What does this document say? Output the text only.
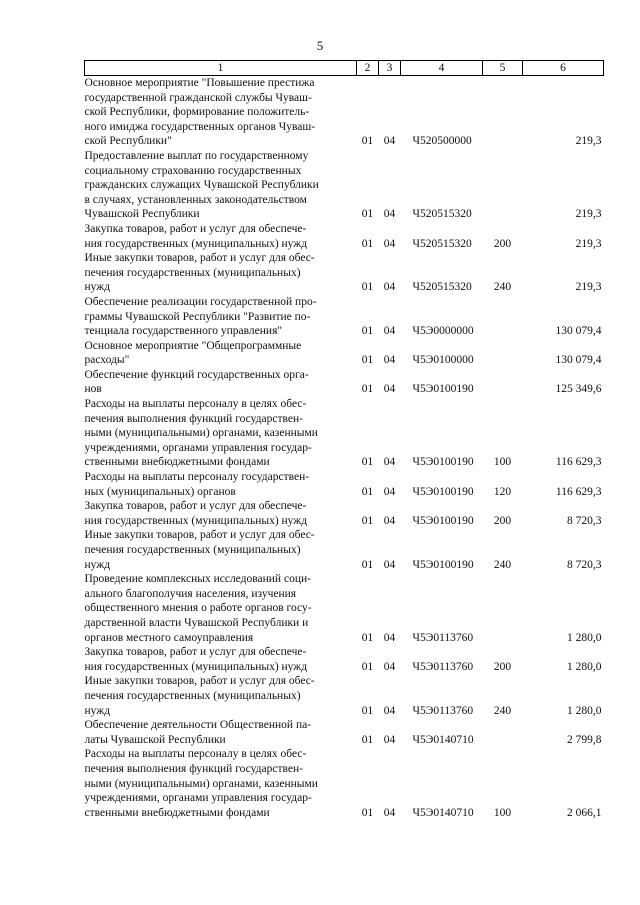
5
1	2	3	4	5	6

Основное мероприятие "Повышение престижа
государственной гражданской службы Чуваш-
ской Республики, формирование положитель-
ного имиджа государственных органов Чуваш-
ской Республики"	01	04	Ч520500000		219,3

Предоставление выплат по государственному
социальному страхованию государственных
гражданских служащих Чувашской Республики
в случаях, установленных законодательством
Чувашской Республики	01	04	Ч520515320		219,3

Закупка товаров, работ и услуг для обеспече-
ния государственных (муниципальных) нужд	01	04	Ч520515320	200	219,3

Иные закупки товаров, работ и услуг для обес-
печения государственных (муниципальных)
нужд	01	04	Ч520515320	240	219,3

Обеспечение реализации государственной про-
граммы Чувашской Республики "Развитие по-
тенциала государственного управления"	01	04	Ч5Э0000000		130 079,4

Основное мероприятие "Общепрограммные
расходы"	01	04	Ч5Э0100000		130 079,4

Обеспечение функций государственных орга-
нов	01	04	Ч5Э0100190		125 349,6

Расходы на выплаты персоналу в целях обес-
печения выполнения функций государствен-
ными (муниципальными) органами, казенными
учреждениями, органами управления государ-
ственными внебюджетными фондами	01	04	Ч5Э0100190	100	116 629,3

Расходы на выплаты персоналу государствен-
ных (муниципальных) органов	01	04	Ч5Э0100190	120	116 629,3

Закупка товаров, работ и услуг для обеспече-
ния государственных (муниципальных) нужд	01	04	Ч5Э0100190	200	8 720,3

Иные закупки товаров, работ и услуг для обес-
печения государственных (муниципальных)
нужд	01	04	Ч5Э0100190	240	8 720,3

Проведение комплексных исследований соци-
ального благополучия населения, изучения
общественного мнения о работе органов госу-
дарственной власти Чувашской Республики и
органов местного самоуправления	01	04	Ч5Э0113760		1 280,0

Закупка товаров, работ и услуг для обеспече-
ния государственных (муниципальных) нужд	01	04	Ч5Э0113760	200	1 280,0

Иные закупки товаров, работ и услуг для обес-
печения государственных (муниципальных)
нужд	01	04	Ч5Э0113760	240	1 280,0

Обеспечение деятельности Общественной па-
латы Чувашской Республики	01	04	Ч5Э0140710		2 799,8

Расходы на выплаты персоналу в целях обес-
печения выполнения функций государствен-
ными (муниципальными) органами, казенными
учреждениями, органами управления государ-
ственными внебюджетными фондами	01	04	Ч5Э0140710	100	2 066,1
